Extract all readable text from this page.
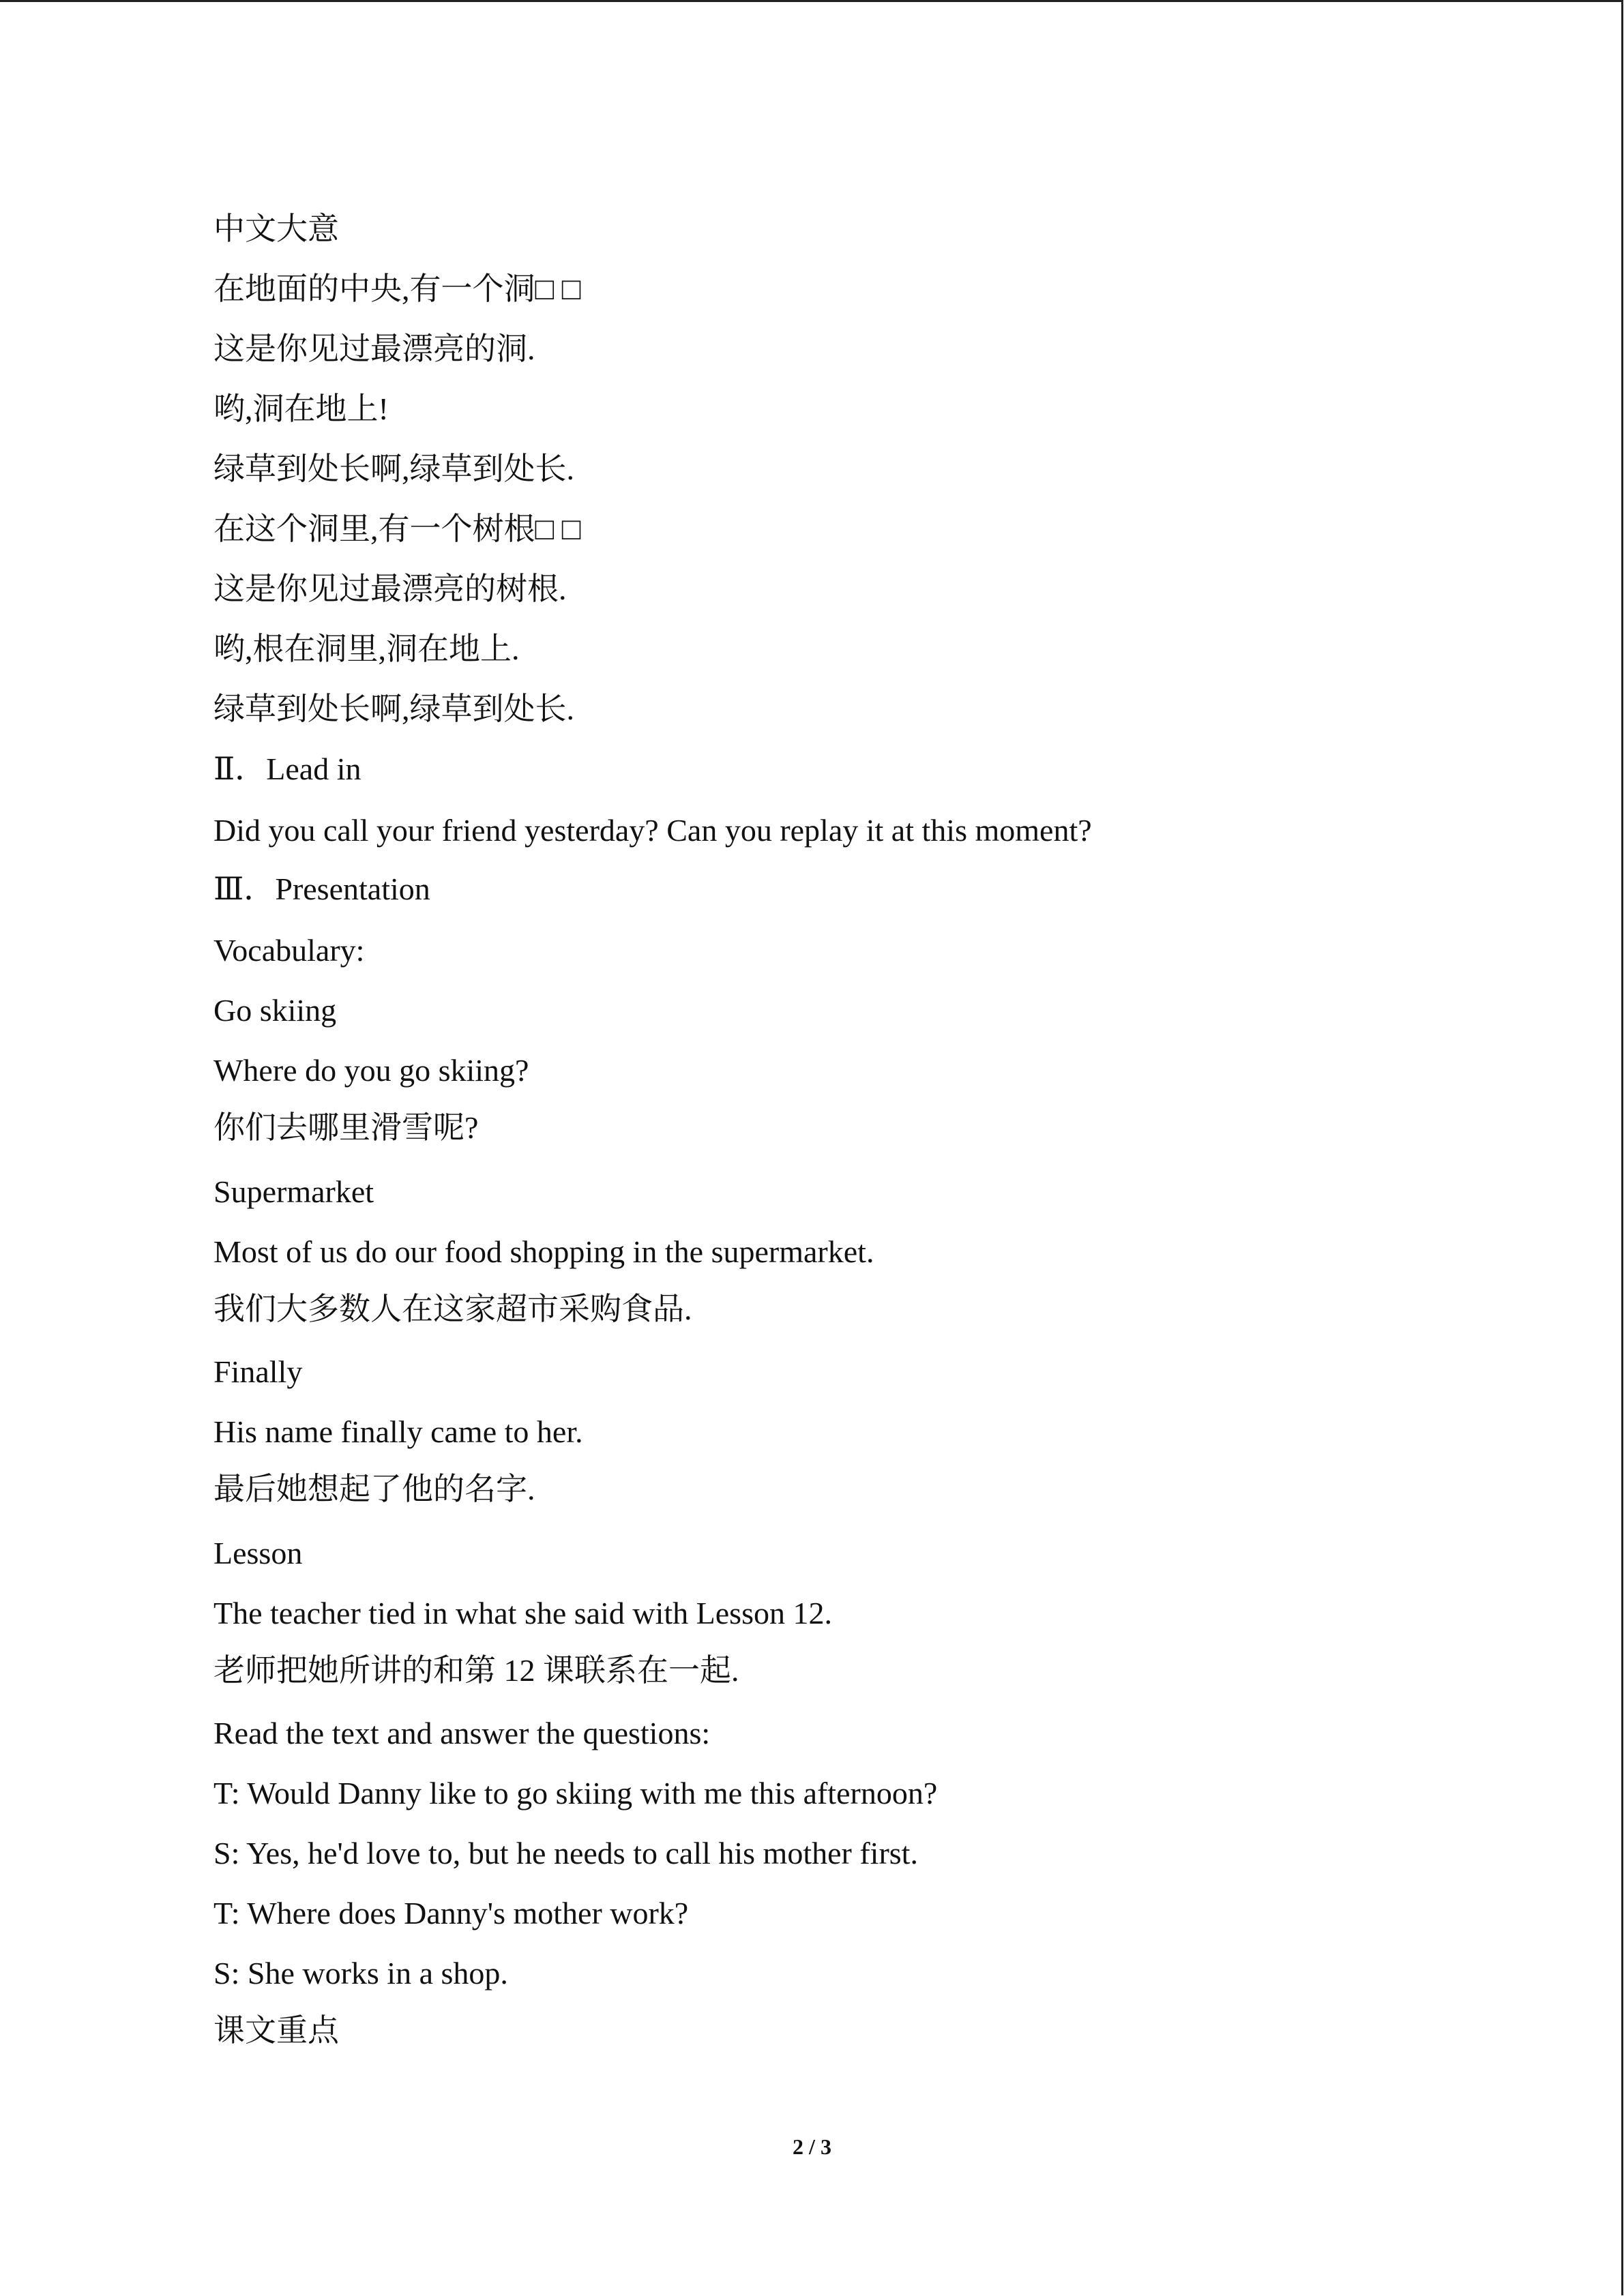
中文大意
在地面的中央,有一个洞□ □
这是你见过最漂亮的洞.
哟,洞在地上!
绿草到处长啊,绿草到处长.
在这个洞里,有一个树根□ □
这是你见过最漂亮的树根.
哟,根在洞里,洞在地上.
绿草到处长啊,绿草到处长.
Ⅱ．Lead in
Did you call your friend yesterday? Can you replay it at this moment?
Ⅲ．Presentation
Vocabulary:
Go skiing
Where do you go skiing?
你们去哪里滑雪呢?
Supermarket
Most of us do our food shopping in the supermarket.
我们大多数人在这家超市采购食品.
Finally
His name finally came to her.
最后她想起了他的名字.
Lesson
The teacher tied in what she said with Lesson 12.
老师把她所讲的和第 12 课联系在一起.
Read the text and answer the questions:
T: Would Danny like to go skiing with me this afternoon?
S: Yes, he'd love to, but he needs to call his mother first.
T: Where does Danny's mother work?
S: She works in a shop.
课文重点
2 / 3
